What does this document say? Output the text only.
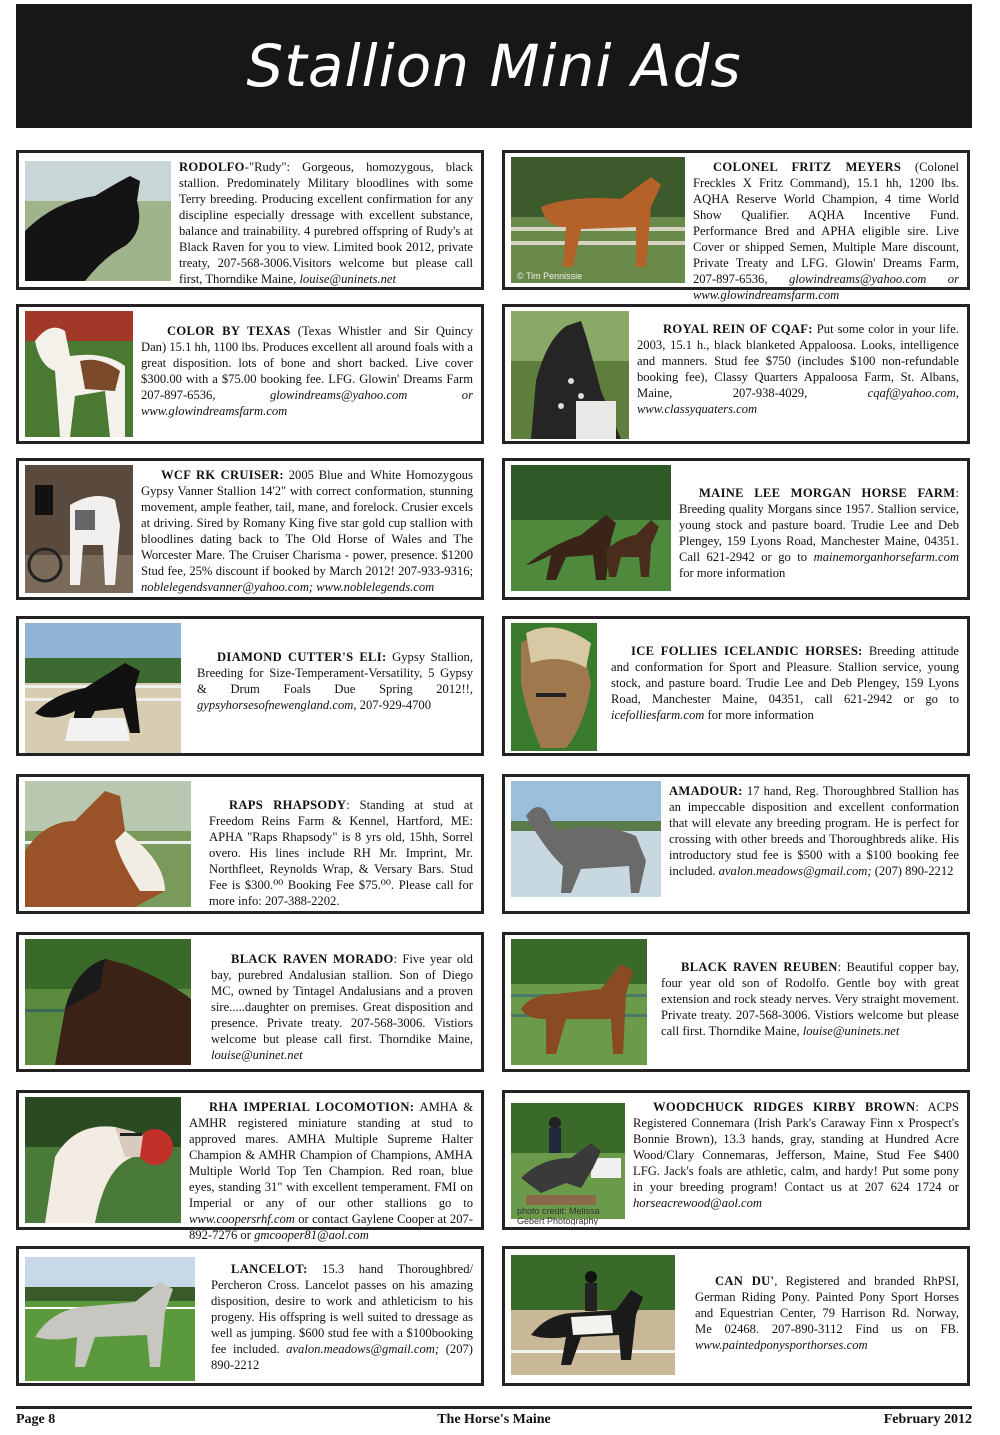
Stallion Mini Ads
RODOLFO-"Rudy": Gorgeous, homozygous, black stallion. Predominately Military bloodlines with some Terry breeding. Producing excellent confirmation for any discipline especially dressage with excellent substance, balance and trainability. 4 purebred offspring of Rudy's at Black Raven for you to view. Limited book 2012, private treaty, 207-568-3006.Visitors welcome but please call first, Thorndike Maine, louise@uninets.net	© Tim Pennissie
COLONEL FRITZ MEYERS (Colonel Freckles X Fritz Command), 15.1 hh, 1200 lbs. AQHA Reserve World Champion, 4 time World Show Qualifier. AQHA Incentive Fund. Performance Bred and APHA eligible sire. Live Cover or shipped Semen, Multiple Mare discount, Private Treaty and LFG. Glowin' Dreams Farm, 207-897-6536, glowindreams@yahoo.com or www.glowindreamsfarm.com
COLOR BY TEXAS (Texas Whistler and Sir Quincy Dan) 15.1 hh, 1100 lbs. Produces excellent all around foals with a great disposition. lots of bone and short backed. Live cover $300.00 with a $75.00 booking fee. LFG. Glowin' Dreams Farm 207-897-6536, glowindreams@yahoo.com or www.glowindreamsfarm.com
ROYAL REIN OF CQAF: Put some color in your life. 2003, 15.1 h., black blanketed Appaloosa. Looks, intelligence and manners. Stud fee $750 (includes $100 non-refundable booking fee), Classy Quarters Appaloosa Farm, St. Albans, Maine, 207-938-4029, cqaf@yahoo.com, www.classyquaters.com
WCF RK CRUISER: 2005 Blue and White Homozygous Gypsy Vanner Stallion 14'2" with correct conformation, stunning movement, ample feather, tail, mane, and forelock. Crusier excels at driving. Sired by Romany King five star gold cup stallion with bloodlines dating back to The Old Horse of Wales and The Worcester Mare. The Cruiser Charisma - power, presence. $1200 Stud fee, 25% discount if booked by March 2012! 207-933-9316; noblelegendsvanner@yahoo.com; www.noblelegends.com
MAINE LEE MORGAN HORSE FARM: Breeding quality Morgans since 1957. Stallion service, young stock and pasture board. Trudie Lee and Deb Plengey, 159 Lyons Road, Manchester Maine, 04351. Call 621-2942 or go to mainemorganhorsefarm.com for more information
DIAMOND CUTTER'S ELI: Gypsy Stallion, Breeding for Size-Temperament-Versatility, 5 Gypsy & Drum Foals Due Spring 2012!!, gypsyhorsesofnewengland.com, 207-929-4700
ICE FOLLIES ICELANDIC HORSES: Breeding attitude and conformation for Sport and Pleasure. Stallion service, young stock, and pasture board. Trudie Lee and Deb Plengey, 159 Lyons Road, Manchester Maine, 04351, call 621-2942 or go to icefolliesfarm.com for more information
RAPS RHAPSODY: Standing at stud at Freedom Reins Farm & Kennel, Hartford, ME: APHA "Raps Rhapsody" is 8 yrs old, 15hh, Sorrel overo. His lines include RH Mr. Imprint, Mr. Northfleet, Reynolds Wrap, & Versary Bars. Stud Fee is $300.⁰⁰ Booking Fee $75.⁰⁰. Please call for more info: 207-388-2202.
AMADOUR: 17 hand, Reg. Thoroughbred Stallion has an impeccable disposition and excellent conformation that will elevate any breeding program. He is perfect for crossing with other breeds and Thoroughbreds alike. His introductory stud fee is $500 with a $100 booking fee included. avalon.meadows@gmail.com; (207) 890-2212
BLACK RAVEN MORADO: Five year old bay, purebred Andalusian stallion. Son of Diego MC, owned by Tintagel Andalusians and a proven sire.....daughter on premises. Great disposition and presence. Private treaty. 207-568-3006. Vistiors welcome but please call first. Thorndike Maine, louise@uninet.net
BLACK RAVEN REUBEN: Beautiful copper bay, four year old son of Rodolfo. Gentle boy with great extension and rock steady nerves. Very straight movement. Private treaty. 207-568-3006. Vistiors welcome but please call first. Thorndike Maine, louise@uninets.net
RHA IMPERIAL LOCOMOTION: AMHA & AMHR registered miniature standing at stud to approved mares. AMHA Multiple Supreme Halter Champion & AMHR Champion of Champions, AMHA Multiple World Top Ten Champion. Red roan, blue eyes, standing 31" with excellent temperament. FMI on Imperial or any of our other stallions go to www.coopersrhf.com or contact Gaylene Cooper at 207-892-7276 or gmcooper81@aol.com
photo credit: Melissa Gebert Photography
WOODCHUCK RIDGES KIRBY BROWN: ACPS Registered Connemara (Irish Park's Caraway Finn x Prospect's Bonnie Brown), 13.3 hands, gray, standing at Hundred Acre Wood/Clary Connemaras, Jefferson, Maine, Stud Fee $400 LFG. Jack's foals are athletic, calm, and hardy! Put some pony in your breeding program! Contact us at 207 624 1724 or horseacrewood@aol.com
LANCELOT: 15.3 hand Thoroughbred/ Percheron Cross. Lancelot passes on his amazing disposition, desire to work and athleticism to his progeny. His offspring is well suited to dressage as well as jumping. $600 stud fee with a $100booking fee included. avalon.meadows@gmail.com; (207) 890-2212
CAN DU', Registered and branded RhPSI, German Riding Pony. Painted Pony Sport Horses and Equestrian Center, 79 Harrison Rd. Norway, Me 02468. 207-890-3112 Find us on FB. www.paintedponysporthorses.com
Page 8	The Horse's Maine	February 2012
